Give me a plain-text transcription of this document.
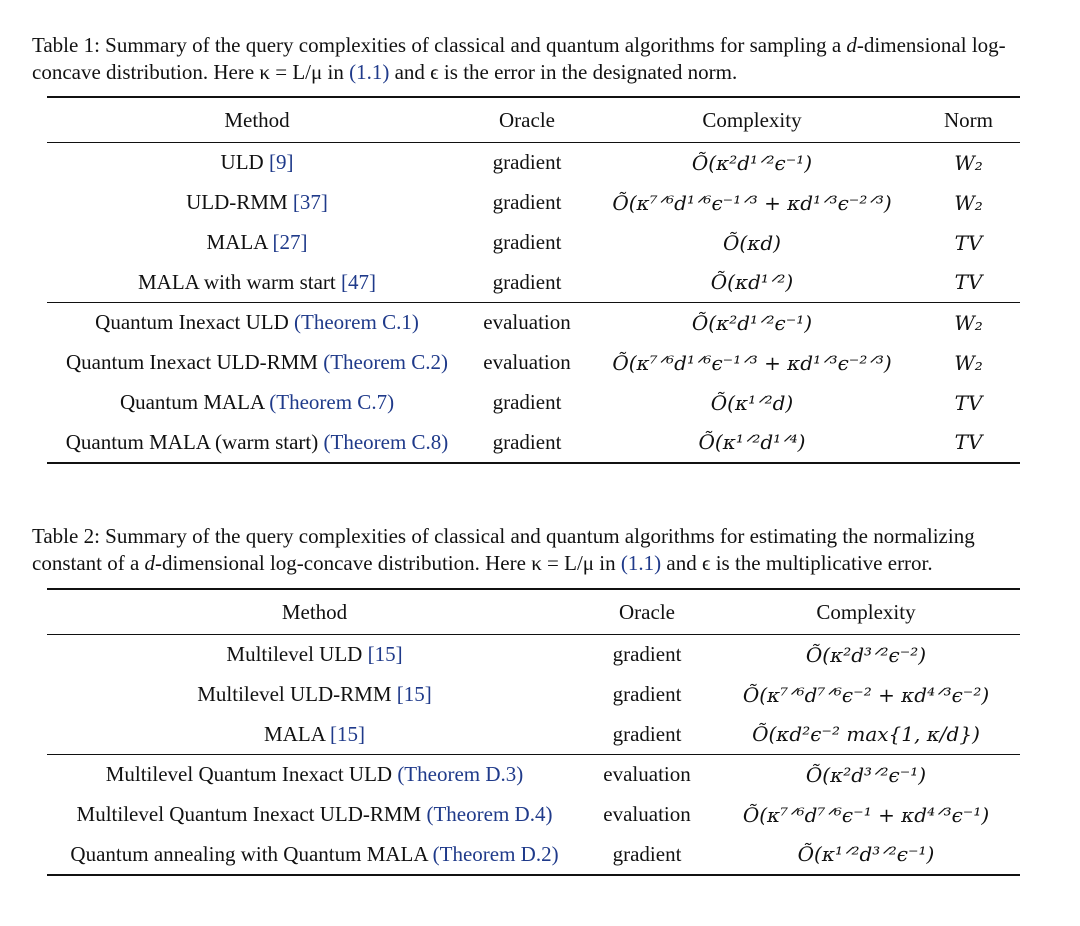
Table 1: Summary of the query complexities of classical and quantum algorithms for sampling a d-dimensional log-concave distribution. Here κ = L/μ in (1.1) and ϵ is the error in the designated norm.
Method	Oracle	Complexity	Norm
ULD [9]	gradient	Õ(κ²d¹ᐟ²ϵ⁻¹)	W₂
ULD-RMM [37]	gradient	Õ(κ⁷ᐟ⁶d¹ᐟ⁶ϵ⁻¹ᐟ³ + κd¹ᐟ³ϵ⁻²ᐟ³)	W₂
MALA [27]	gradient	Õ(κd)	TV
MALA with warm start [47]	gradient	Õ(κd¹ᐟ²)	TV
Quantum Inexact ULD (Theorem C.1)	evaluation	Õ(κ²d¹ᐟ²ϵ⁻¹)	W₂
Quantum Inexact ULD-RMM (Theorem C.2)	evaluation	Õ(κ⁷ᐟ⁶d¹ᐟ⁶ϵ⁻¹ᐟ³ + κd¹ᐟ³ϵ⁻²ᐟ³)	W₂
Quantum MALA (Theorem C.7)	gradient	Õ(κ¹ᐟ²d)	TV
Quantum MALA (warm start) (Theorem C.8)	gradient	Õ(κ¹ᐟ²d¹ᐟ⁴)	TV
Table 2: Summary of the query complexities of classical and quantum algorithms for estimating the normalizing constant of a d-dimensional log-concave distribution. Here κ = L/μ in (1.1) and ϵ is the multiplicative error.
Method	Oracle	Complexity
Multilevel ULD [15]	gradient	Õ(κ²d³ᐟ²ϵ⁻²)
Multilevel ULD-RMM [15]	gradient	Õ(κ⁷ᐟ⁶d⁷ᐟ⁶ϵ⁻² + κd⁴ᐟ³ϵ⁻²)
MALA [15]	gradient	Õ(κd²ϵ⁻² max{1, κ/d})
Multilevel Quantum Inexact ULD (Theorem D.3)	evaluation	Õ(κ²d³ᐟ²ϵ⁻¹)
Multilevel Quantum Inexact ULD-RMM (Theorem D.4)	evaluation	Õ(κ⁷ᐟ⁶d⁷ᐟ⁶ϵ⁻¹ + κd⁴ᐟ³ϵ⁻¹)
Quantum annealing with Quantum MALA (Theorem D.2)	gradient	Õ(κ¹ᐟ²d³ᐟ²ϵ⁻¹)
